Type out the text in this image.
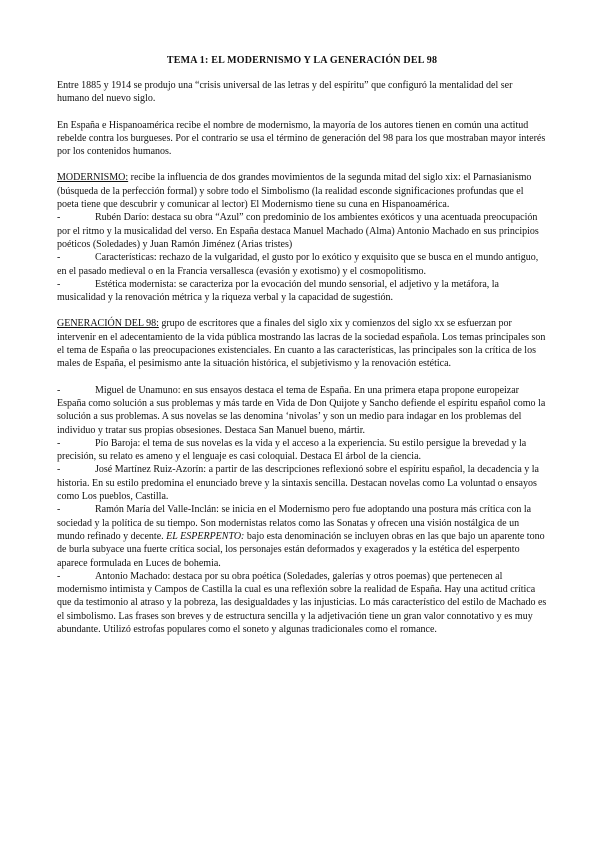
TEMA 1: EL MODERNISMO Y LA GENERACIÓN DEL 98

Entre 1885 y 1914 se produjo una “crisis universal de las letras y del espíritu” que configuró la mentalidad del ser humano del nuevo siglo.

En España e Hispanoamérica recibe el nombre de modernismo, la mayoría de los autores tienen en común una actitud rebelde contra los burgueses. Por el contrario se usa el término de generación del 98 para los que mostraban mayor interés por los contenidos humanos.

MODERNISMO: recibe la influencia de dos grandes movimientos de la segunda mitad del siglo xix: el Parnasianismo (búsqueda de la perfección formal) y sobre todo el Simbolismo (la realidad esconde significaciones profundas que el poeta tiene que descubrir y comunicar al lector) El Modernismo tiene su cuna en Hispanoamérica.
-	Rubén Darío: destaca su obra “Azul” con predominio de los ambientes exóticos y una acentuada preocupación por el ritmo y la musicalidad del verso. En España destaca Manuel Machado (Alma) Antonio Machado en sus principios poéticos (Soledades) y Juan Ramón Jiménez (Arias tristes)
-	Características: rechazo de la vulgaridad, el gusto por lo exótico y exquisito que se busca en el mundo antiguo, en el pasado medieval o en la Francia versallesca (evasión y exotismo) y el cosmopolitismo.
-	Estética modernista: se caracteriza por la evocación del mundo sensorial, el adjetivo y la metáfora, la musicalidad y la renovación métrica y la riqueza verbal y la capacidad de sugestión.
GENERACIÓN DEL 98: grupo de escritores que a finales del siglo xix y comienzos del siglo xx se esfuerzan por intervenir en el adecentamiento de la vida pública mostrando las lacras de la sociedad española. Los temas principales son el tema de España o las preocupaciones existenciales. En cuanto a las características, las principales son la crítica de los males de España, el pesimismo ante la situación histórica, el subjetivismo y la renovación estética.
-	Miguel de Unamuno: en sus ensayos destaca el tema de España. En una primera etapa propone europeizar España como solución a sus problemas y más tarde en Vida de Don Quijote y Sancho defiende el espíritu español como la solución a sus problemas. A sus novelas se las denomina ‘nivolas’ y son un medio para indagar en los problemas del individuo y tratar sus propias obsesiones. Destaca San Manuel bueno, mártir.
-	Pío Baroja: el tema de sus novelas es la vida y el acceso a la experiencia. Su estilo persigue la brevedad y la precisión, su relato es ameno y el lenguaje es casi coloquial. Destaca El árbol de la ciencia.
-	José Martínez Ruiz-Azorín: a partir de las descripciones reflexionó sobre el espíritu español, la decadencia y la historia. En su estilo predomina el enunciado breve y la sintaxis sencilla. Destacan novelas como La voluntad o ensayos como Los pueblos, Castilla.
-	Ramón María del Valle-Inclán: se inicia en el Modernismo pero fue adoptando una postura más crítica con la sociedad y la política de su tiempo. Son modernistas relatos como las Sonatas y ofrecen una visión nostálgica de un mundo refinado y decente. EL ESPERPENTO: bajo esta denominación se incluyen obras en las que bajo un aparente tono de burla subyace una fuerte crítica social, los personajes están deformados y exagerados y la estética del esperpento aparece formulada en Luces de bohemia.
-	Antonio Machado: destaca por su obra poética (Soledades, galerías y otros poemas) que pertenecen al modernismo intimista y Campos de Castilla la cual es una reflexión sobre la realidad de España. Hay una actitud crítica que da testimonio al atraso y la pobreza, las desigualdades y las injusticias. Lo más característico del estilo de Machado es el simbolismo. Las frases son breves y de estructura sencilla y la adjetivación tiene un gran valor connotativo y es muy abundante. Utilizó estrofas populares como el soneto y algunas tradicionales como el romance.
